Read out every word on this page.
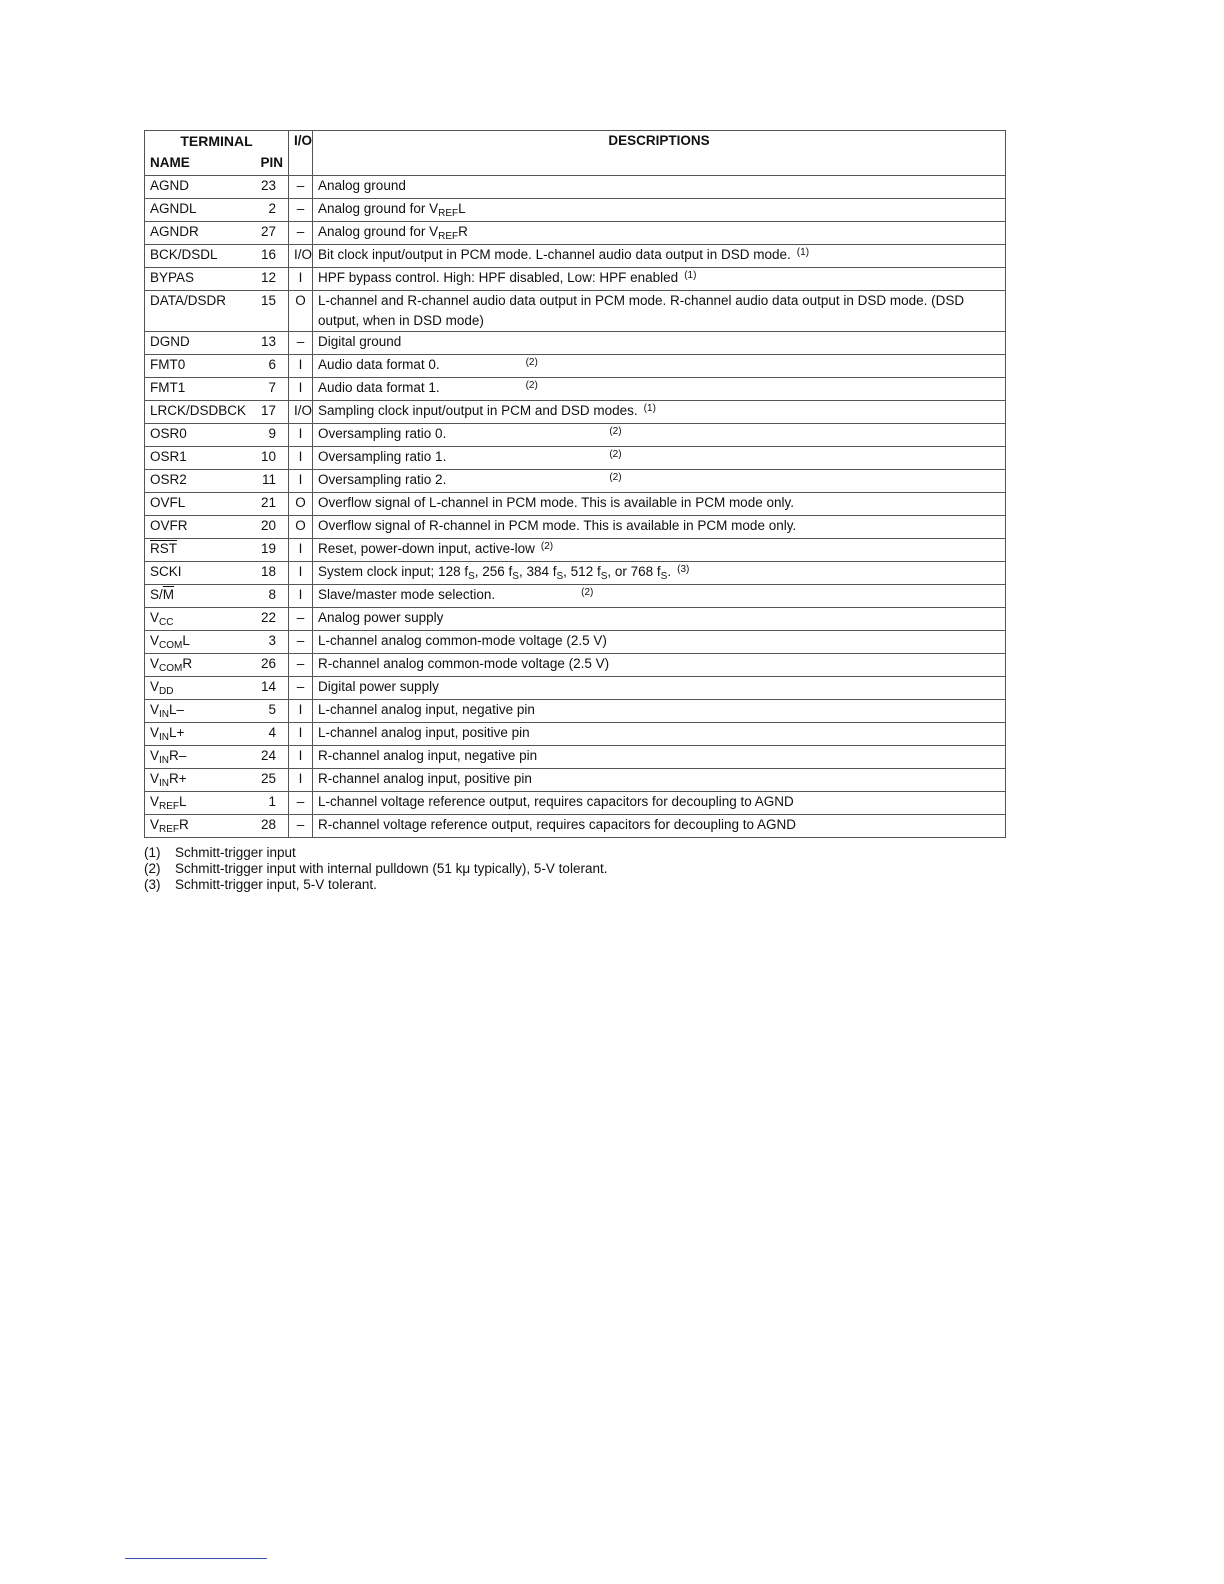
TERMINAL		I/O	DESCRIPTIONS
NAME	PIN		
AGND	23	–	Analog ground
AGNDL	2	–	Analog ground for $V_{REF}L$
AGNDR	27	–	Analog ground for $V_{REF}R$
BCK/DSDL	16	I/O	Bit clock input/output in PCM mode. L-channel audio data output in DSD mode. $^{(1)}$
BYPAS	12	I	HPF bypass control. High: HPF disabled, Low: HPF enabled $^{(1)}$
DATA/DSDR	15	O	L-channel and R-channel audio data output in PCM mode. R-channel audio data output in DSD mode. (DSD output, when in DSD mode)
DGND	13	–	Digital ground
FMT0	6	I	Audio data format 0. $^{(2)}$
FMT1	7	I	Audio data format 1. $^{(2)}$
LRCK/DSDBCK	17	I/O	Sampling clock input/output in PCM and DSD modes. $^{(1)}$
OSR0	9	I	Oversampling ratio 0. $^{(2)}$
OSR1	10	I	Oversampling ratio 1. $^{(2)}$
OSR2	11	I	Oversampling ratio 2. $^{(2)}$
OVFL	21	O	Overflow signal of L-channel in PCM mode. This is available in PCM mode only.
OVFR	20	O	Overflow signal of R-channel in PCM mode. This is available in PCM mode only.
$\overline{RST}$	19	I	Reset, power-down input, active-low $^{(2)}$
SCKI	18	I	System clock input; 128 $f_S$, 256 $f_S$, 384 $f_S$, 512 $f_S$, or 768 $f_S$. $^{(3)}$
$S/\overline{M}$	8	I	Slave/master mode selection. $^{(2)}$
$V_{CC}$	22	–	Analog power supply
$V_{COM}L$	3	–	L-channel analog common-mode voltage (2.5 V)
$V_{COM}R$	26	–	R-channel analog common-mode voltage (2.5 V)
$V_{DD}$	14	–	Digital power supply
$V_{IN}L-$	5	I	L-channel analog input, negative pin
$V_{IN}L+$	4	I	L-channel analog input, positive pin
$V_{IN}R-$	24	I	R-channel analog input, negative pin
$V_{IN}R+$	25	I	R-channel analog input, positive pin
$V_{REF}L$	1	–	L-channel voltage reference output, requires capacitors for decoupling to AGND
$V_{REF}R$	28	–	R-channel voltage reference output, requires capacitors for decoupling to AGND
(1)	Schmitt-trigger input
(2)	Schmitt-trigger input with internal pulldown (51 kμ typically), 5-V tolerant.
(3)	Schmitt-trigger input, 5-V tolerant.
